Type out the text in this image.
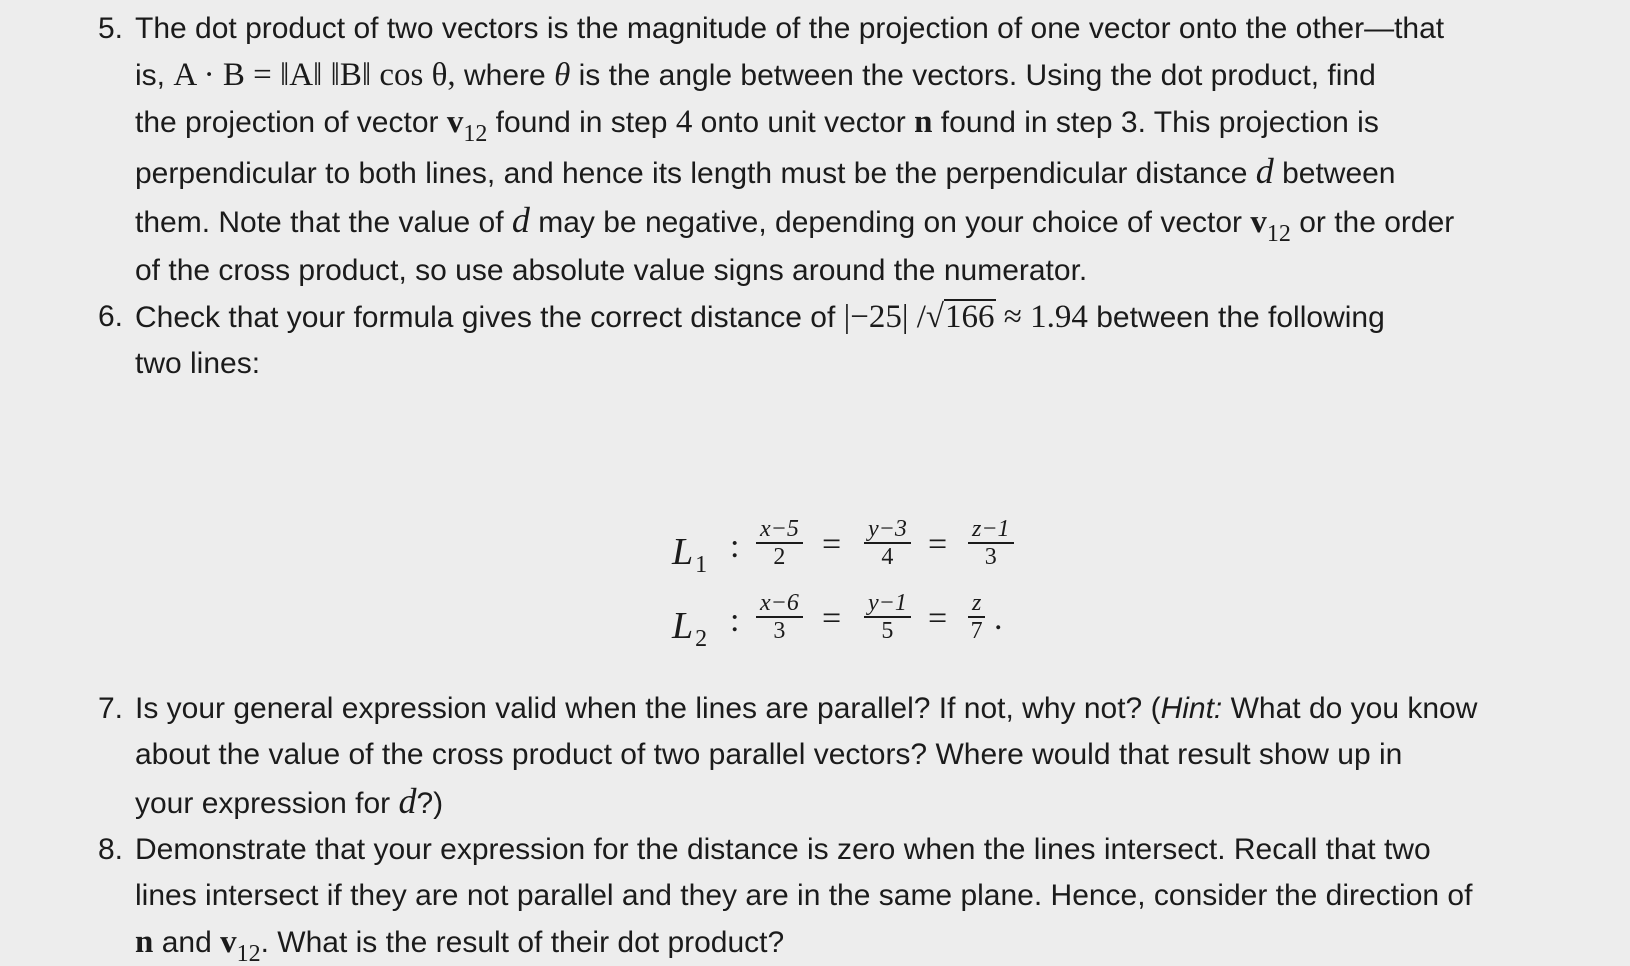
5. The dot product of two vectors is the magnitude of the projection of one vector onto the other—that
is, A · B = ‖A‖ ‖B‖ cos θ, where θ is the angle between the vectors. Using the dot product, find
the projection of vector $v_{12}$ found in step 4 onto unit vector n found in step 3. This projection is
perpendicular to both lines, and hence its length must be the perpendicular distance d between
them. Note that the value of d may be negative, depending on your choice of vector $v_{12}$ or the order
of the cross product, so use absolute value signs around the numerator.
6. Check that your formula gives the correct distance of |−25| /√166 ≈ 1.94 between the following
two lines:
$L_1$ : $\frac{x-5}{2} = \frac{y-3}{4} = \frac{z-1}{3}$
$L_2$ : $\frac{x-6}{3} = \frac{y-1}{5} = \frac{z}{7}$ .
7. Is your general expression valid when the lines are parallel? If not, why not? (Hint: What do you know
about the value of the cross product of two parallel vectors? Where would that result show up in
your expression for d?)
8. Demonstrate that your expression for the distance is zero when the lines intersect. Recall that two
lines intersect if they are not parallel and they are in the same plane. Hence, consider the direction of
n and $v_{12}$. What is the result of their dot product?
